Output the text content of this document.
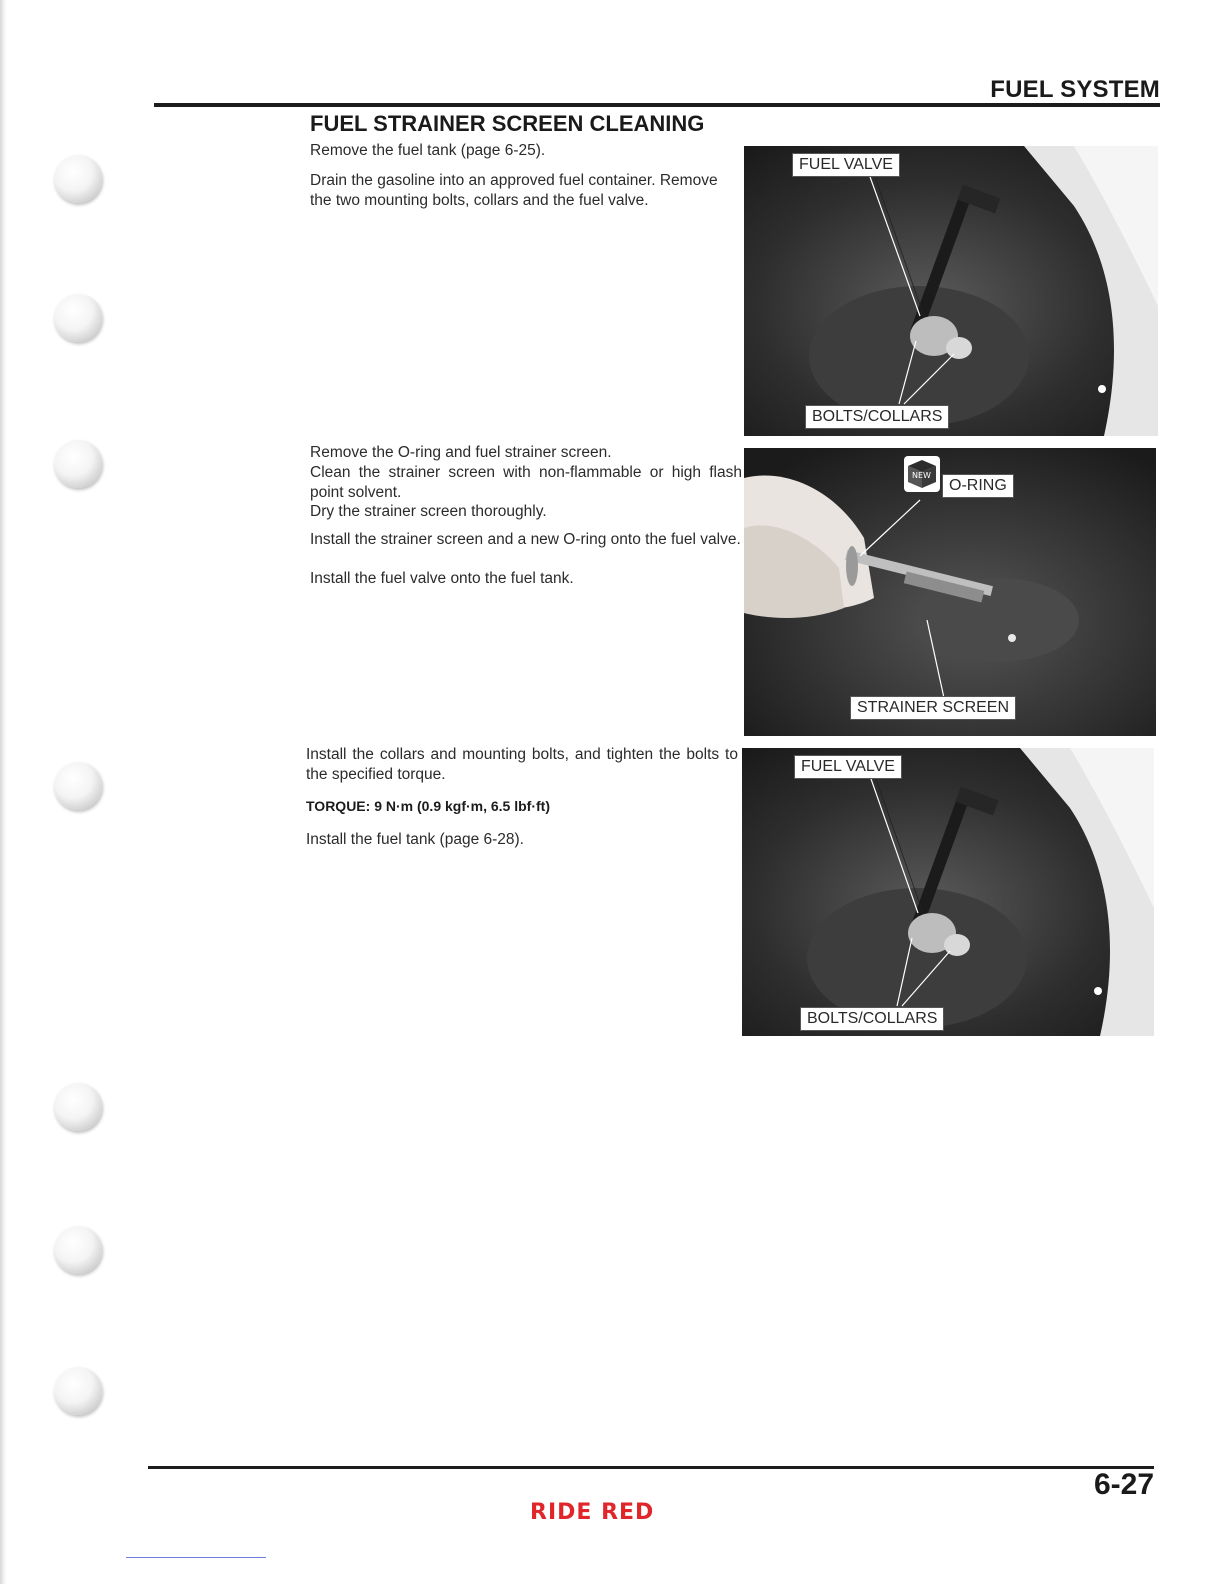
FUEL SYSTEM
FUEL STRAINER SCREEN CLEANING

Remove the fuel tank (page 6-25).

Drain the gasoline into an approved fuel container. Remove the two mounting bolts, collars and the fuel valve.

Remove the O-ring and fuel strainer screen.

Clean the strainer screen with non-flammable or high flash point solvent.

Dry the strainer screen thoroughly.

Install the strainer screen and a new O-ring onto the fuel valve.

Install the fuel valve onto the fuel tank.

Install the collars and mounting bolts, and tighten the bolts to the specified torque.

TORQUE: 9 N·m (0.9 kgf·m, 6.5 lbf·ft)

Install the fuel tank (page 6-28).

FUEL VALVE
BOLTS/COLLARS
NEW
O-RING
STRAINER SCREEN
FUEL VALVE
BOLTS/COLLARS
6-27
RIDE RED
